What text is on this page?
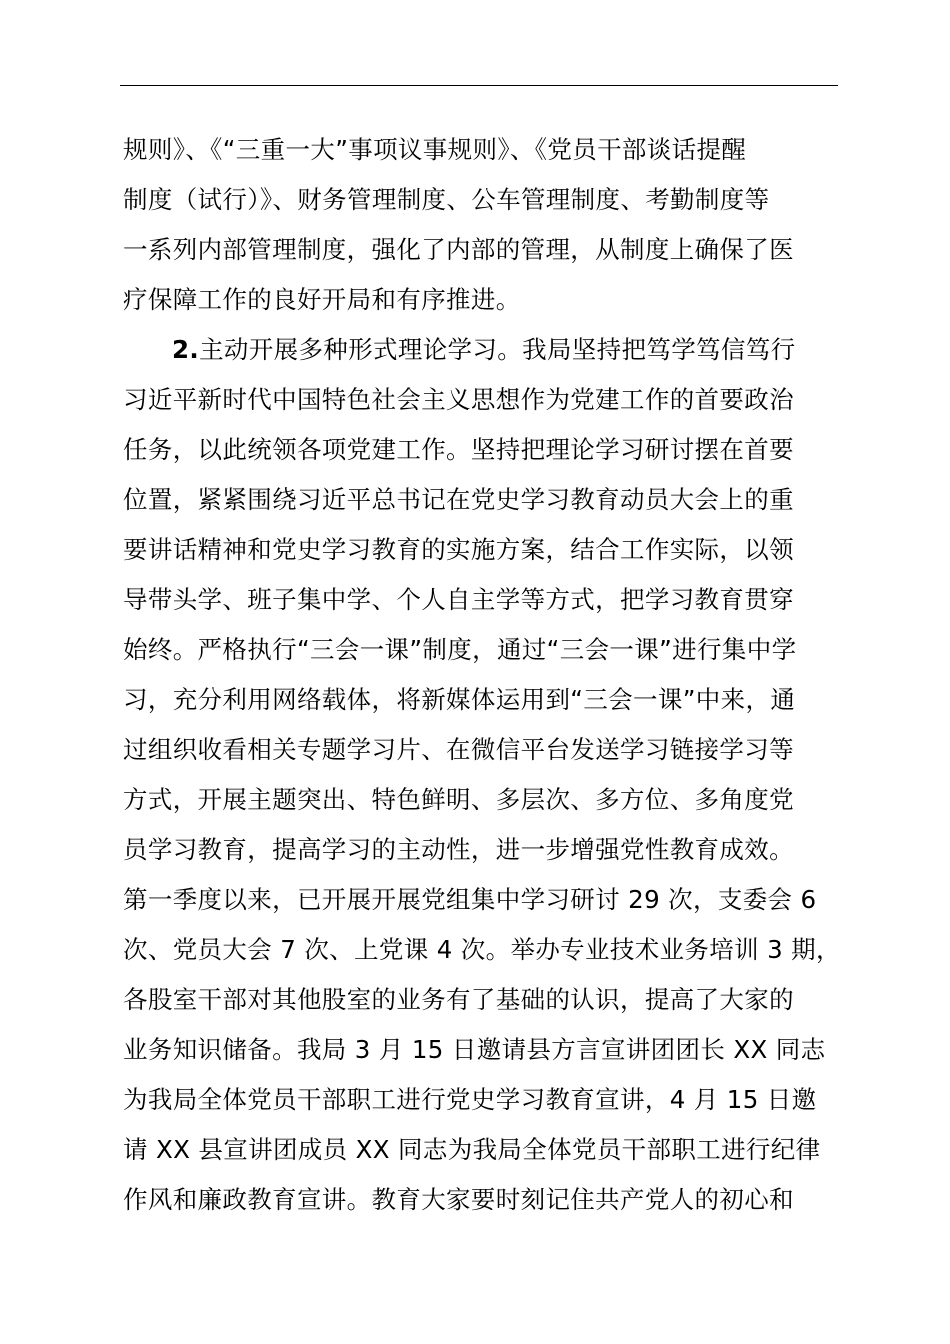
规则》、《“三重一大”事项议事规则》、《党员干部谈话提醒
制度（试行）》、财务管理制度、公车管理制度、考勤制度等
一系列内部管理制度，强化了内部的管理，从制度上确保了医
疗保障工作的良好开局和有序推进。
2.主动开展多种形式理论学习。我局坚持把笃学笃信笃行
习近平新时代中国特色社会主义思想作为党建工作的首要政治
任务，以此统领各项党建工作。坚持把理论学习研讨摆在首要
位置，紧紧围绕习近平总书记在党史学习教育动员大会上的重
要讲话精神和党史学习教育的实施方案，结合工作实际，以领
导带头学、班子集中学、个人自主学等方式，把学习教育贯穿
始终。严格执行“三会一课”制度，通过“三会一课”进行集中学
习，充分利用网络载体，将新媒体运用到“三会一课”中来，通
过组织收看相关专题学习片、在微信平台发送学习链接学习等
方式，开展主题突出、特色鲜明、多层次、多方位、多角度党
员学习教育，提高学习的主动性，进一步增强党性教育成效。
第一季度以来，已开展开展党组集中学习研讨 29 次，支委会 6
次、党员大会 7 次、上党课 4 次。举办专业技术业务培训 3 期，
各股室干部对其他股室的业务有了基础的认识，提高了大家的
业务知识储备。我局 3 月 15 日邀请县方言宣讲团团长 XX 同志
为我局全体党员干部职工进行党史学习教育宣讲，4 月 15 日邀
请 XX 县宣讲团成员 XX 同志为我局全体党员干部职工进行纪律
作风和廉政教育宣讲。教育大家要时刻记住共产党人的初心和
